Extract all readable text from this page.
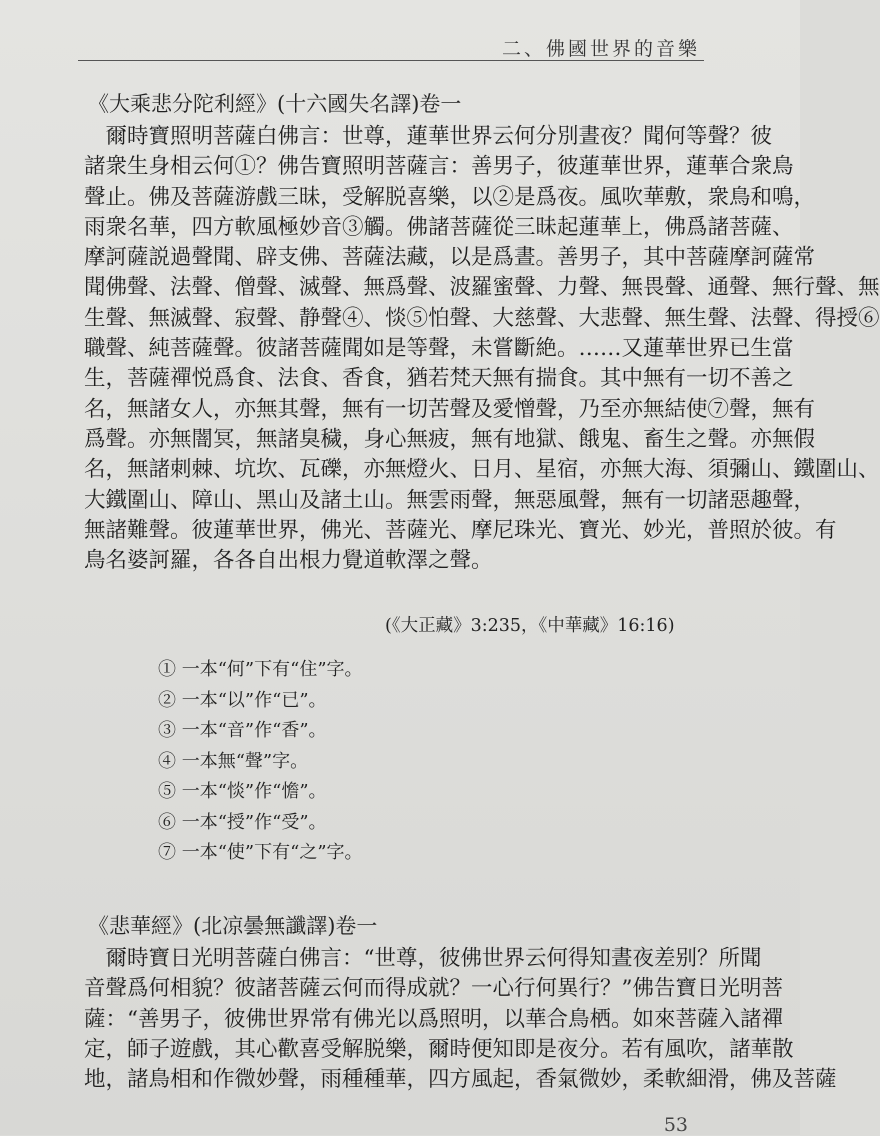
二、佛國世界的音樂
《大乘悲分陀利經》(十六國失名譯)卷一
　爾時寶照明菩薩白佛言：世尊，蓮華世界云何分別晝夜？聞何等聲？彼
諸衆生身相云何①？佛告寶照明菩薩言：善男子，彼蓮華世界，蓮華合衆鳥
聲止。佛及菩薩游戲三昧，受解脱喜樂，以②是爲夜。風吹華敷，衆鳥和鳴，
雨衆名華，四方軟風極妙音③觸。佛諸菩薩從三昧起蓮華上，佛爲諸菩薩、
摩訶薩説過聲聞、辟支佛、菩薩法藏，以是爲晝。善男子，其中菩薩摩訶薩常
聞佛聲、法聲、僧聲、滅聲、無爲聲、波羅蜜聲、力聲、無畏聲、通聲、無行聲、無
生聲、無滅聲、寂聲、静聲④、惔⑤怕聲、大慈聲、大悲聲、無生聲、法聲、得授⑥
職聲、純菩薩聲。彼諸菩薩聞如是等聲，未嘗斷絶。……又蓮華世界已生當
生，菩薩禪悦爲食、法食、香食，猶若梵天無有揣食。其中無有一切不善之
名，無諸女人，亦無其聲，無有一切苦聲及愛憎聲，乃至亦無結使⑦聲，無有
爲聲。亦無闇冥，無諸臭穢，身心無疲，無有地獄、餓鬼、畜生之聲。亦無假
名，無諸刺棘、坑坎、瓦礫，亦無燈火、日月、星宿，亦無大海、須彌山、鐵圍山、
大鐵圍山、障山、黑山及諸土山。無雲雨聲，無惡風聲，無有一切諸惡趣聲，
無諸難聲。彼蓮華世界，佛光、菩薩光、摩尼珠光、寶光、妙光，普照於彼。有
鳥名婆訶羅，各各自出根力覺道軟澤之聲。
(《大正藏》3:235，《中華藏》16:16)
① 一本“何”下有“住”字。
② 一本“以”作“已”。
③ 一本“音”作“香”。
④ 一本無“聲”字。
⑤ 一本“惔”作“憺”。
⑥ 一本“授”作“受”。
⑦ 一本“使”下有“之”字。
《悲華經》(北凉曇無讖譯)卷一
　爾時寶日光明菩薩白佛言：“世尊，彼佛世界云何得知晝夜差别？所聞
音聲爲何相貌？彼諸菩薩云何而得成就？一心行何異行？”佛告寶日光明菩
薩：“善男子，彼佛世界常有佛光以爲照明，以華合鳥栖。如來菩薩入諸禪
定，師子遊戲，其心歡喜受解脱樂，爾時便知即是夜分。若有風吹，諸華散
地，諸鳥相和作微妙聲，雨種種華，四方風起，香氣微妙，柔軟細滑，佛及菩薩
53
